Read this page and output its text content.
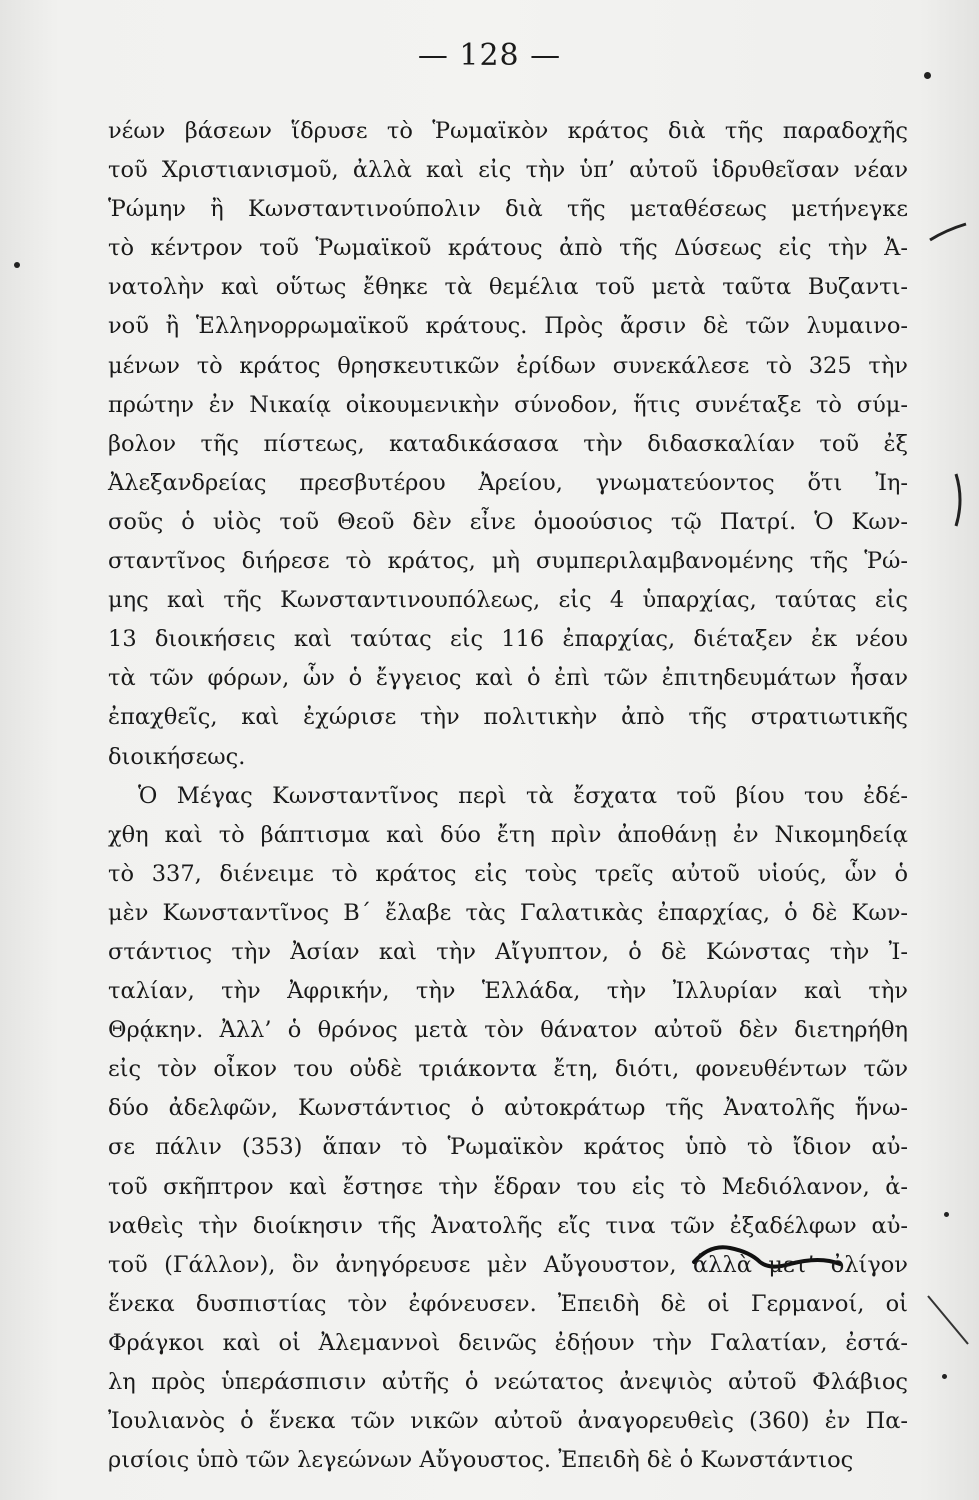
— 128 —
νέων βάσεων ἵδρυσε τὸ Ῥωμαϊκὸν κράτος διὰ τῆς παραδοχῆς
τοῦ Χριστιανισμοῦ, ἀλλὰ καὶ εἰς τὴν ὑπ’ αὐτοῦ ἱδρυθεῖσαν νέαν
Ῥώμην ἢ Κωνσταντινούπολιν διὰ τῆς μεταθέσεως μετήνεγκε
τὸ κέντρον τοῦ Ῥωμαϊκοῦ κράτους ἀπὸ τῆς Δύσεως εἰς τὴν Ἀ-
νατολὴν καὶ οὕτως ἔθηκε τὰ θεμέλια τοῦ μετὰ ταῦτα Βυζαντι-
νοῦ ἢ Ἑλληνορρωμαϊκοῦ κράτους. Πρὸς ἄρσιν δὲ τῶν λυμαινο-
μένων τὸ κράτος θρησκευτικῶν ἐρίδων συνεκάλεσε τὸ 325 τὴν
πρώτην ἐν Νικαίᾳ οἰκουμενικὴν σύνοδον, ἥτις συνέταξε τὸ σύμ-
βολον τῆς πίστεως, καταδικάσασα τὴν διδασκαλίαν τοῦ ἐξ
Ἀλεξανδρείας πρεσβυτέρου Ἀρείου, γνωματεύοντος ὅτι Ἰη-
σοῦς ὁ υἱὸς τοῦ Θεοῦ δὲν εἶνε ὁμοούσιος τῷ Πατρί. Ὁ Κων-
σταντῖνος διήρεσε τὸ κράτος, μὴ συμπεριλαμβανομένης τῆς Ῥώ-
μης καὶ τῆς Κωνσταντινουπόλεως, εἰς 4 ὑπαρχίας, ταύτας εἰς
13 διοικήσεις καὶ ταύτας εἰς 116 ἐπαρχίας, διέταξεν ἐκ νέου
τὰ τῶν φόρων, ὧν ὁ ἔγγειος καὶ ὁ ἐπὶ τῶν ἐπιτηδευμάτων ἦσαν
ἐπαχθεῖς, καὶ ἐχώρισε τὴν πολιτικὴν ἀπὸ τῆς στρατιωτικῆς
διοικήσεως.
Ὁ Μέγας Κωνσταντῖνος περὶ τὰ ἔσχατα τοῦ βίου του ἐδέ-
χθη καὶ τὸ βάπτισμα καὶ δύο ἔτη πρὶν ἀποθάνῃ ἐν Νικομηδείᾳ
τὸ 337, διένειμε τὸ κράτος εἰς τοὺς τρεῖς αὐτοῦ υἱούς, ὧν ὁ
μὲν Κωνσταντῖνος Β΄ ἔλαβε τὰς Γαλατικὰς ἐπαρχίας, ὁ δὲ Κων-
στάντιος τὴν Ἀσίαν καὶ τὴν Αἴγυπτον, ὁ δὲ Κώνστας τὴν Ἰ-
ταλίαν, τὴν Ἀφρικήν, τὴν Ἑλλάδα, τὴν Ἰλλυρίαν καὶ τὴν
Θρᾴκην. Ἀλλ’ ὁ θρόνος μετὰ τὸν θάνατον αὐτοῦ δὲν διετηρήθη
εἰς τὸν οἶκον του οὐδὲ τριάκοντα ἔτη, διότι, φονευθέντων τῶν
δύο ἀδελφῶν, Κωνστάντιος ὁ αὐτοκράτωρ τῆς Ἀνατολῆς ἥνω-
σε πάλιν (353) ἅπαν τὸ Ῥωμαϊκὸν κράτος ὑπὸ τὸ ἴδιον αὐ-
τοῦ σκῆπτρον καὶ ἔστησε τὴν ἕδραν του εἰς τὸ Μεδιόλανον, ἀ-
ναθεὶς τὴν διοίκησιν τῆς Ἀνατολῆς εἴς τινα τῶν ἐξαδέλφων αὐ-
τοῦ (Γάλλον), ὃν ἀνηγόρευσε μὲν Αὔγουστον, ἀλλὰ μετ’ ὀλίγον
ἕνεκα δυσπιστίας τὸν ἐφόνευσεν. Ἐπειδὴ δὲ οἱ Γερμανοί, οἱ
Φράγκοι καὶ οἱ Ἀλεμαννοὶ δεινῶς ἐδῄουν τὴν Γαλατίαν, ἐστά-
λη πρὸς ὑπεράσπισιν αὐτῆς ὁ νεώτατος ἀνεψιὸς αὐτοῦ Φλάβιος
Ἰουλιανὸς ὁ ἕνεκα τῶν νικῶν αὐτοῦ ἀναγορευθεὶς (360) ἐν Πα-
ρισίοις ὑπὸ τῶν λεγεώνων Αὔγουστος. Ἐπειδὴ δὲ ὁ Κωνστάντιος
